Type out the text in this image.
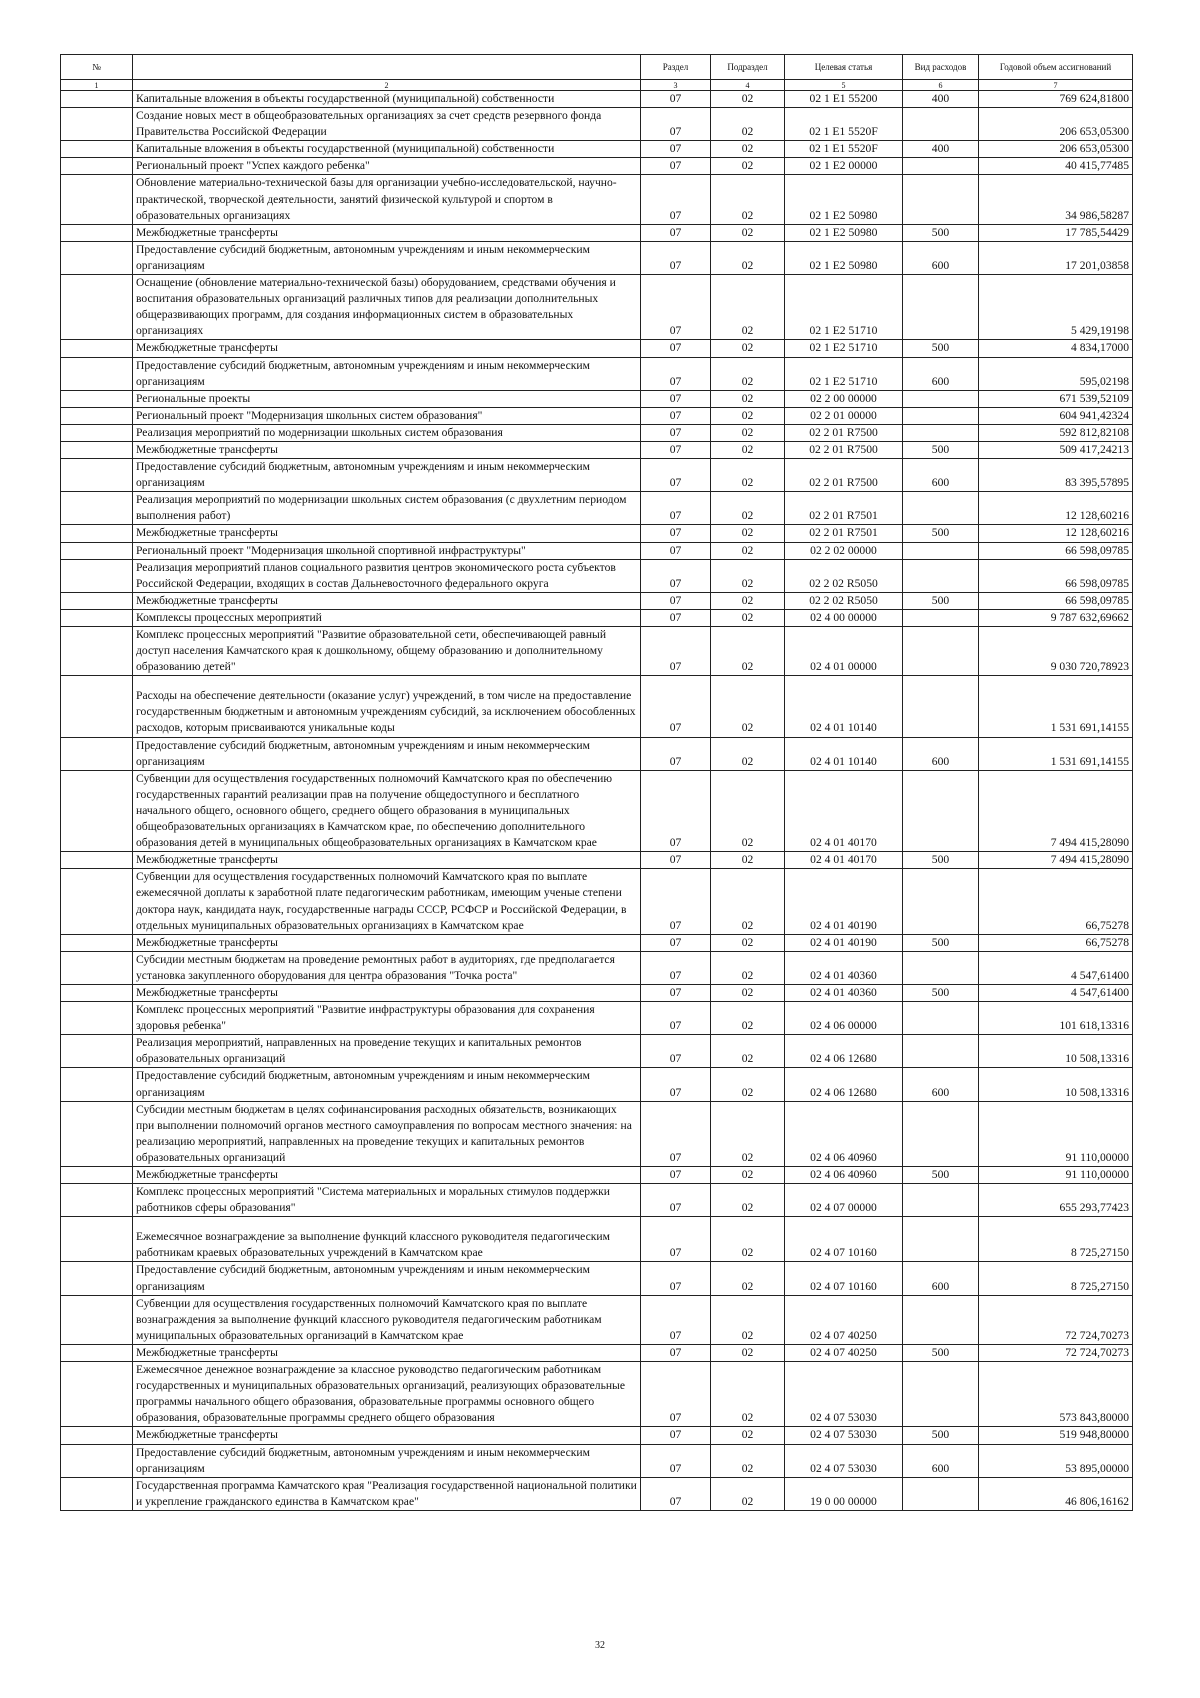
№		Раздел	Подраздел	Целевая статья	Вид расходов	Годовой объем ассигнований
1	2	3	4	5	6	7
	Капитальные вложения в объекты государственной (муниципальной) собственности	07	02	02 1 Е1 55200	400	769 624,81800
	Создание новых мест в общеобразовательных организациях за счет средств резервного фонда Правительства Российской Федерации	07	02	02 1 Е1 5520F		206 653,05300
	Капитальные вложения в объекты государственной (муниципальной) собственности	07	02	02 1 Е1 5520F	400	206 653,05300
	Региональный проект "Успех каждого ребенка"	07	02	02 1 Е2 00000		40 415,77485
	Обновление материально-технической базы для организации учебно-исследовательской, научно-практической, творческой деятельности, занятий физической культурой и спортом в образовательных организациях	07	02	02 1 Е2 50980		34 986,58287
	Межбюджетные трансферты	07	02	02 1 Е2 50980	500	17 785,54429
	Предоставление субсидий бюджетным, автономным учреждениям и иным некоммерческим организациям	07	02	02 1 Е2 50980	600	17 201,03858
	Оснащение (обновление материально-технической базы) оборудованием, средствами обучения и воспитания образовательных организаций различных типов для реализации дополнительных общеразвивающих программ, для создания информационных систем в образовательных организациях	07	02	02 1 Е2 51710		5 429,19198
	Межбюджетные трансферты	07	02	02 1 Е2 51710	500	4 834,17000
	Предоставление субсидий бюджетным, автономным учреждениям и иным некоммерческим организациям	07	02	02 1 Е2 51710	600	595,02198
	Региональные проекты	07	02	02 2 00 00000		671 539,52109
	Региональный проект "Модернизация школьных систем образования"	07	02	02 2 01 00000		604 941,42324
	Реализация мероприятий по модернизации школьных систем образования	07	02	02 2 01 R7500		592 812,82108
	Межбюджетные трансферты	07	02	02 2 01 R7500	500	509 417,24213
	Предоставление субсидий бюджетным, автономным учреждениям и иным некоммерческим организациям	07	02	02 2 01 R7500	600	83 395,57895
	Реализация мероприятий по модернизации школьных систем образования (с двухлетним периодом выполнения работ)	07	02	02 2 01 R7501		12 128,60216
	Межбюджетные трансферты	07	02	02 2 01 R7501	500	12 128,60216
	Региональный проект "Модернизация школьной спортивной инфраструктуры"	07	02	02 2 02 00000		66 598,09785
	Реализация мероприятий планов социального развития центров экономического роста субъектов Российской Федерации, входящих в состав Дальневосточного федерального округа	07	02	02 2 02 R5050		66 598,09785
	Межбюджетные трансферты	07	02	02 2 02 R5050	500	66 598,09785
	Комплексы процессных мероприятий	07	02	02 4 00 00000		9 787 632,69662
	Комплекс процессных мероприятий "Развитие образовательной сети, обеспечивающей равный доступ населения Камчатского края к дошкольному, общему образованию и дополнительному образованию детей"	07	02	02 4 01 00000		9 030 720,78923
	Расходы на обеспечение деятельности (оказание услуг) учреждений, в том числе на предоставление государственным бюджетным и автономным учреждениям субсидий, за исключением обособленных расходов, которым присваиваются уникальные коды	07	02	02 4 01 10140		1 531 691,14155
	Предоставление субсидий бюджетным, автономным учреждениям и иным некоммерческим организациям	07	02	02 4 01 10140	600	1 531 691,14155
	Субвенции для осуществления государственных полномочий Камчатского края по обеспечению государственных гарантий реализации прав на получение общедоступного и бесплатного начального общего, основного общего, среднего общего образования в муниципальных общеобразовательных организациях в Камчатском крае, по обеспечению дополнительного образования детей в муниципальных общеобразовательных организациях в Камчатском крае	07	02	02 4 01 40170		7 494 415,28090
	Межбюджетные трансферты	07	02	02 4 01 40170	500	7 494 415,28090
	Субвенции для осуществления государственных полномочий Камчатского края по выплате ежемесячной доплаты к заработной плате педагогическим работникам, имеющим ученые степени доктора наук, кандидата наук, государственные награды СССР, РСФСР и Российской Федерации, в отдельных муниципальных образовательных организациях в Камчатском крае	07	02	02 4 01 40190		66,75278
	Межбюджетные трансферты	07	02	02 4 01 40190	500	66,75278
	Субсидии местным бюджетам на проведение ремонтных работ в аудиториях, где предполагается установка закупленного оборудования для центра образования "Точка роста"	07	02	02 4 01 40360		4 547,61400
	Межбюджетные трансферты	07	02	02 4 01 40360	500	4 547,61400
	Комплекс процессных мероприятий "Развитие инфраструктуры образования для сохранения здоровья ребенка"	07	02	02 4 06 00000		101 618,13316
	Реализация мероприятий, направленных на проведение текущих и капитальных ремонтов образовательных организаций	07	02	02 4 06 12680		10 508,13316
	Предоставление субсидий бюджетным, автономным учреждениям и иным некоммерческим организациям	07	02	02 4 06 12680	600	10 508,13316
	Субсидии местным бюджетам в целях софинансирования расходных обязательств, возникающих при выполнении полномочий органов местного самоуправления по вопросам местного значения: на реализацию мероприятий, направленных на проведение текущих и капитальных ремонтов образовательных организаций	07	02	02 4 06 40960		91 110,00000
	Межбюджетные трансферты	07	02	02 4 06 40960	500	91 110,00000
	Комплекс процессных мероприятий "Система материальных и моральных стимулов поддержки работников сферы образования"	07	02	02 4 07 00000		655 293,77423
	Ежемесячное вознаграждение за выполнение функций классного руководителя педагогическим работникам краевых образовательных учреждений в Камчатском крае	07	02	02 4 07 10160		8 725,27150
	Предоставление субсидий бюджетным, автономным учреждениям и иным некоммерческим организациям	07	02	02 4 07 10160	600	8 725,27150
	Субвенции для осуществления государственных полномочий Камчатского края по выплате вознаграждения за выполнение функций классного руководителя педагогическим работникам муниципальных образовательных организаций в Камчатском крае	07	02	02 4 07 40250		72 724,70273
	Межбюджетные трансферты	07	02	02 4 07 40250	500	72 724,70273
	Ежемесячное денежное вознаграждение за классное руководство педагогическим работникам государственных и муниципальных образовательных организаций, реализующих образовательные программы начального общего образования, образовательные программы основного общего образования, образовательные программы среднего общего образования	07	02	02 4 07 53030		573 843,80000
	Межбюджетные трансферты	07	02	02 4 07 53030	500	519 948,80000
	Предоставление субсидий бюджетным, автономным учреждениям и иным некоммерческим организациям	07	02	02 4 07 53030	600	53 895,00000
	Государственная программа Камчатского края "Реализация государственной национальной политики и укрепление гражданского единства в Камчатском крае"	07	02	19 0 00 00000		46 806,16162
32
